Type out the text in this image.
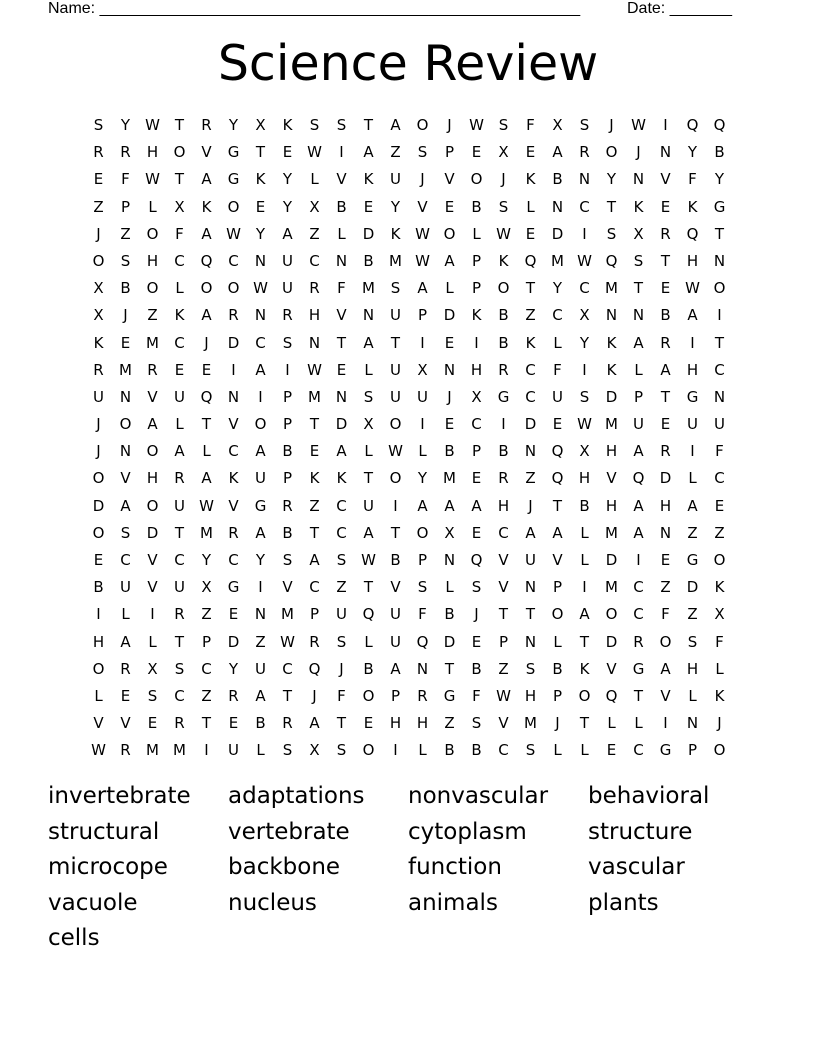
Name: ______________________________________________________	Date: _______
Science Review
S	Y	W T	R	Y	X	K	S	S	T	A	O	J	W S	F	X	S	J	W	I	Q	Q
R	R	H	O	V	G	T	E W	I	A	Z	S	P	E	X	E	A	R	O	J	N	Y	B
E	F	W T	A	G	K	Y	L	V	K	U	J	V	O	J	K	B	N	Y	N	V	F	Y
Z	P	L	X	K	O	E	Y	X	B	E	Y	V	E	B	S	L	N	C	T	K	E	K	G
J	Z	O	F	A W Y	A	Z	L	D	K W O	L	W E	D	I	S	X	R	Q	T
O	S	H	C	Q	C	N	U	C	N	B	M W A	P	K	Q M W Q	S	T	H	N
X	B	O	L	O	O W U	R	F	M	S	A	L	P	O	T	Y	C	M	T	E W O
X	J	Z	K	A	R	N	R	H	V	N	U	P	D	K	B	Z	C	X	N	N	B	A	I
K	E	M	C	J	D	C	S	N	T	A	T	I	E	I	B	K	L	Y	K	A	R	I	T
R	M	R	E	E	I	A	I	W E	L	U	X	N	H	R	C	F	I	K	L	A	H	C
U	N	V	U	Q	N	I	P	M N	S	U	U	J	X	G	C	U	S	D	P	T	G	N
J	O	A	L	T	V	O	P	T	D	X	O	I	E	C	I	D	E W M	U	E	U	U
J	N	O	A	L	C	A	B	E	A	L	W	L	B	P	B	N	Q	X	H	A	R	I	F
O	V	H	R	A	K	U	P	K	K	T	O	Y	M	E	R	Z	Q	H	V	Q	D	L	C
D	A	O	U W V	G	R	Z	C	U	I	A	A	A	H	J	T	B	H	A	H	A	E
O	S	D	T	M	R	A	B	T	C	A	T	O	X	E	C	A	A	L	M	A	N	Z	Z
E	C	V	C	Y	C	Y	S	A	S W B	P	N	Q	V	U	V	L	D	I	E	G	O
B	U	V	U	X	G	I	V	C	Z	T	V	S	L	S	V	N	P	I	M	C	Z	D	K
I	L	I	R	Z	E	N M	P	U	Q	U	F	B	J	T	T	O	A	O	C	F	Z	X
H	A	L	T	P	D	Z W R	S	L	U	Q	D	E	P	N	L	T	D	R	O	S	F
O	R	X	S	C	Y	U	C	Q	J	B	A	N	T	B	Z	S	B	K	V	G	A	H	L
L	E	S	C	Z	R	A	T	J	F	O	P	R	G	F	W H	P	O	Q	T	V	L	K
V	V	E	R	T	E	B	R	A	T	E	H	H	Z	S	V	M	J	T	L	L	I	N	J
W R	M M	I	U	L	S	X	S	O	I	L	B	B	C	S	L	L	E	C	G	P	O
invertebrate	adaptations	nonvascular	behavioral
structural	vertebrate	cytoplasm	structure
microcope	backbone	function	vascular
vacuole	nucleus	animals	plants
cells
